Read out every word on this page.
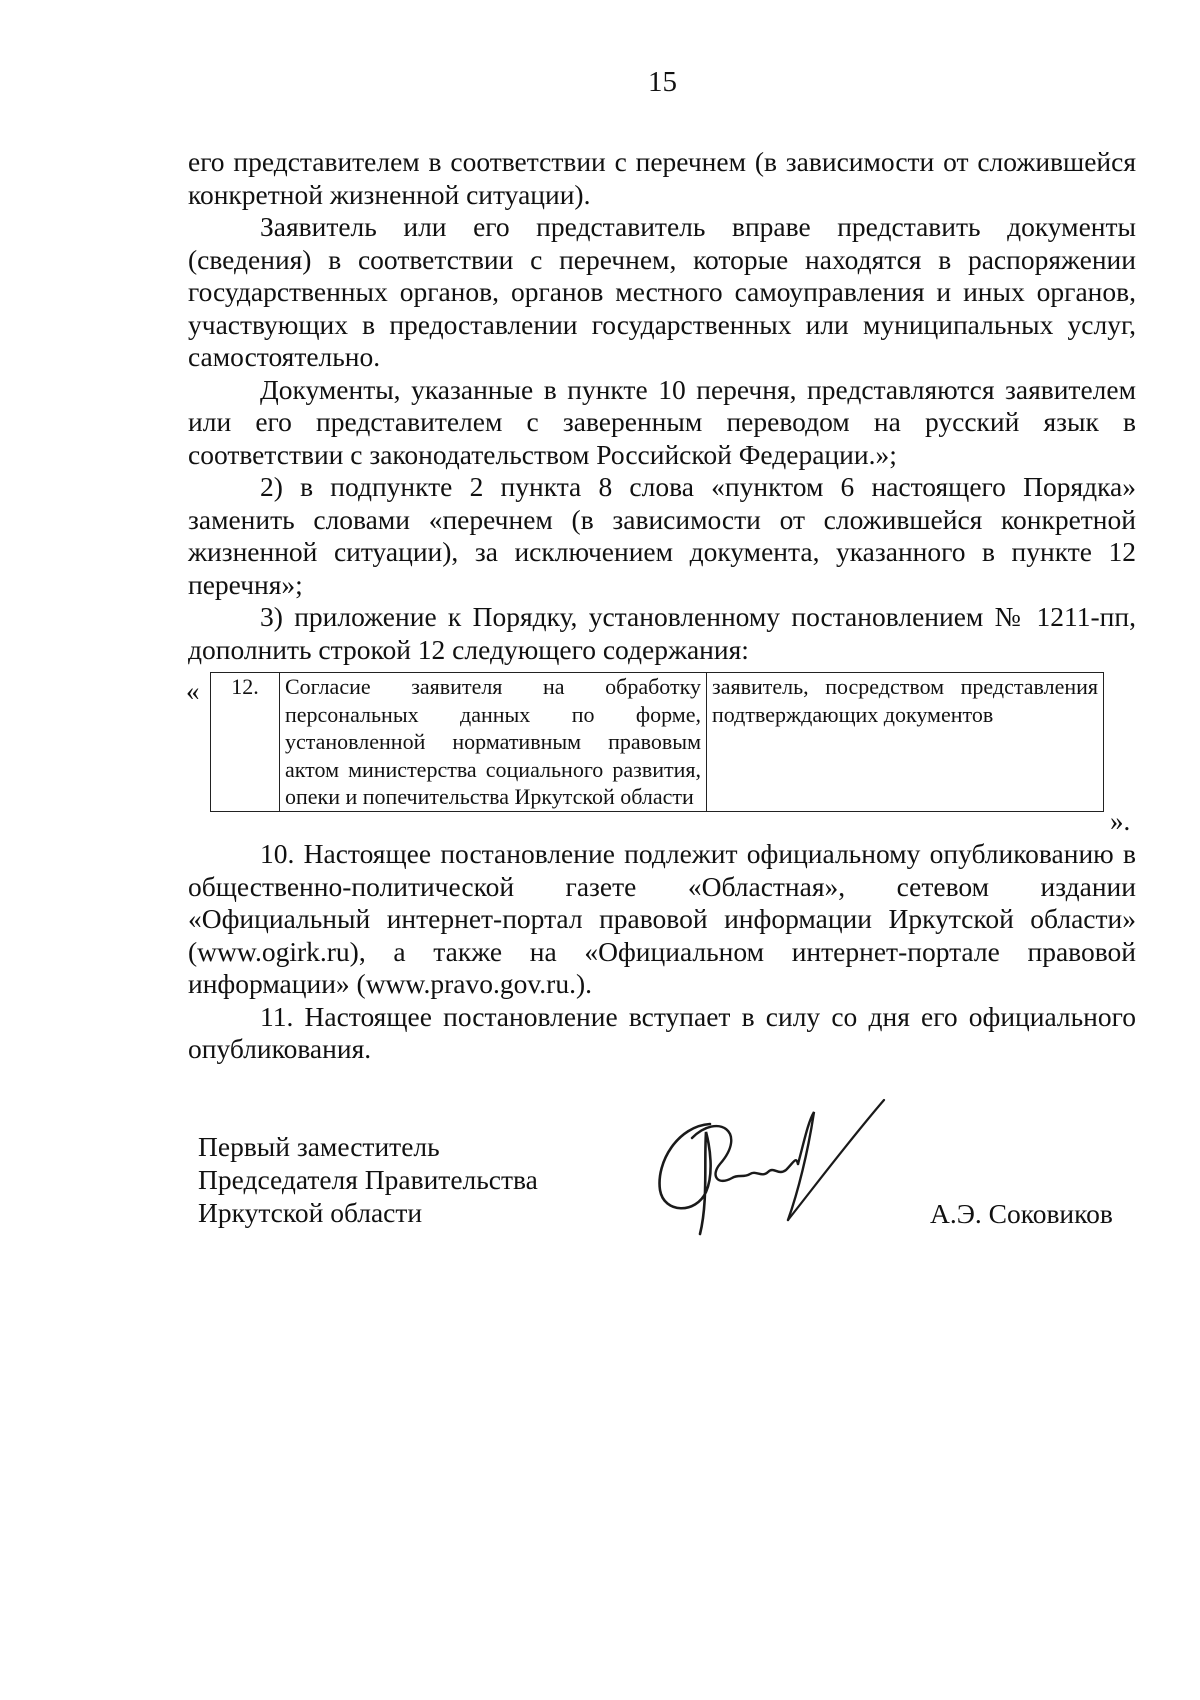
15

его представителем в соответствии с перечнем (в зависимости от сложившейся конкретной жизненной ситуации).

Заявитель или его представитель вправе представить документы (сведения) в соответствии с перечнем, которые находятся в распоряжении государственных органов, органов местного самоуправления и иных органов, участвующих в предоставлении государственных или муниципальных услуг, самостоятельно.

Документы, указанные в пункте 10 перечня, представляются заявителем или его представителем с заверенным переводом на русский язык в соответствии с законодательством Российской Федерации.»;

2) в подпункте 2 пункта 8 слова «пунктом 6 настоящего Порядка» заменить словами «перечнем (в зависимости от сложившейся конкретной жизненной ситуации), за исключением документа, указанного в пункте 12 перечня»;

3) приложение к Порядку, установленному постановлением № 1211-пп, дополнить строкой 12 следующего содержания:

« 12.	Согласие заявителя на обработку персональных данных по форме, установленной нормативным правовым актом министерства социального развития, опеки и попечительства Иркутской области	заявитель, посредством представления подтверждающих документов
».

10. Настоящее постановление подлежит официальному опубликованию в общественно-политической газете «Областная», сетевом издании «Официальный интернет-портал правовой информации Иркутской области» (www.ogirk.ru), а также на «Официальном интернет-портале правовой информации» (www.pravo.gov.ru.).

11. Настоящее постановление вступает в силу со дня его официального опубликования.

Первый заместитель
Председателя Правительства
Иркутской области	А.Э. Соковиков
